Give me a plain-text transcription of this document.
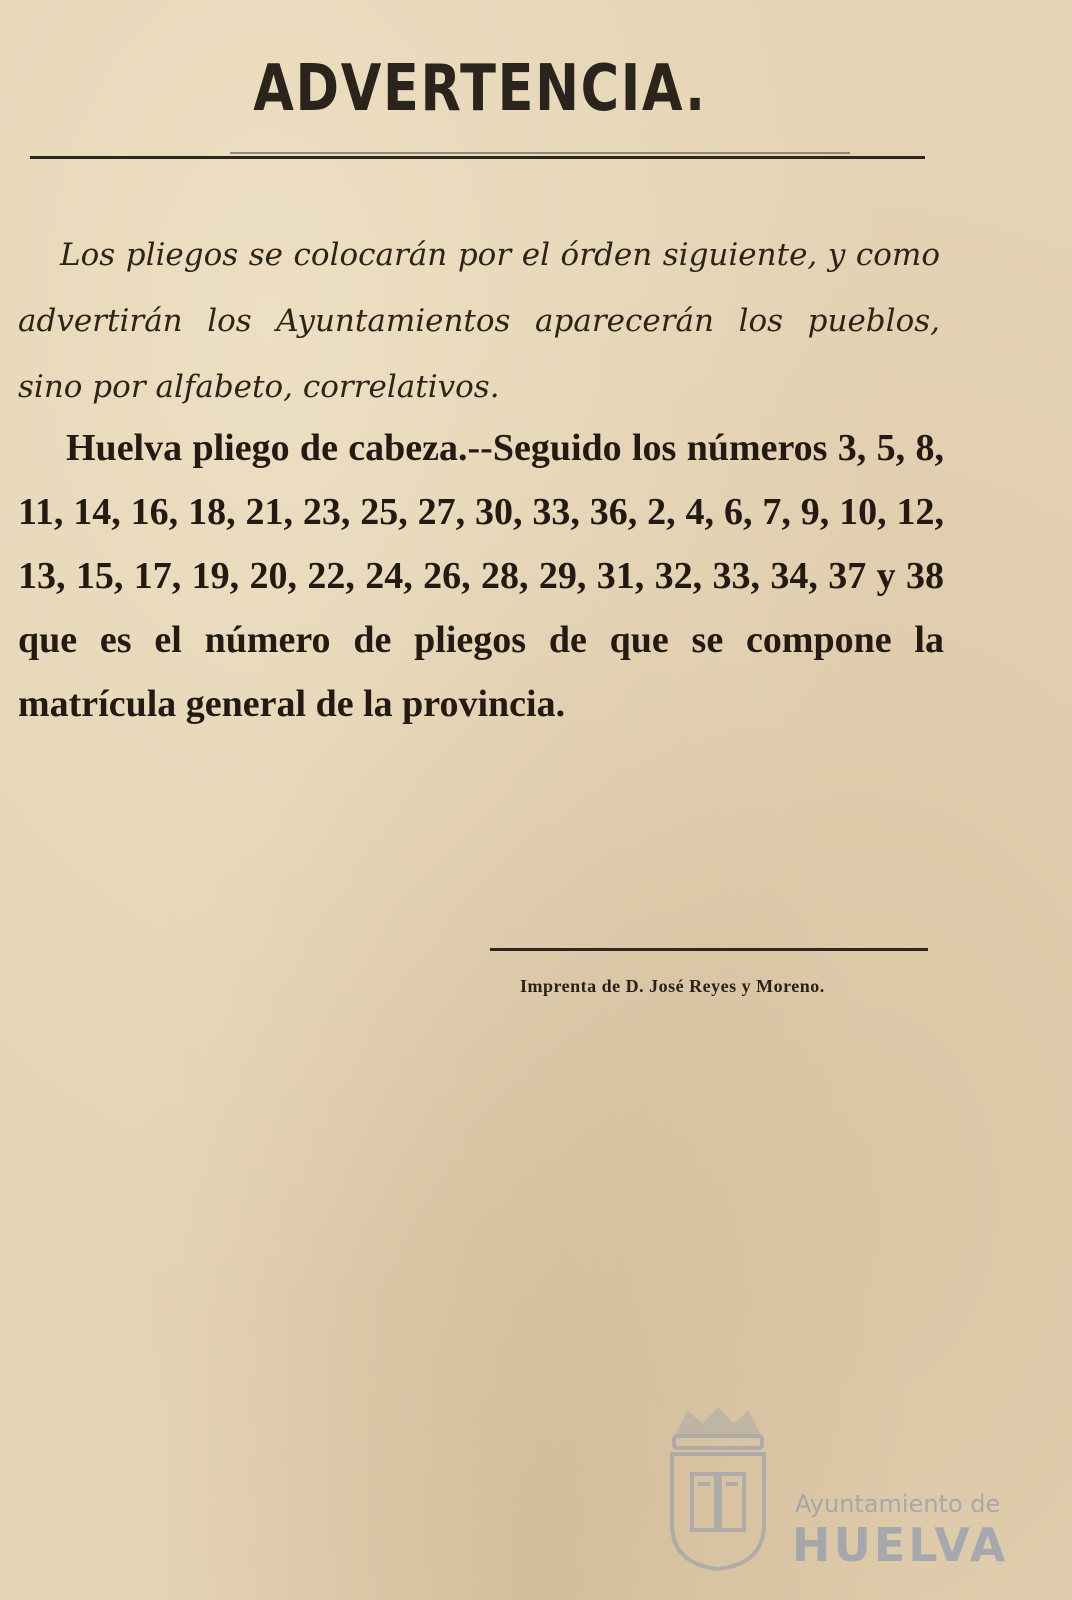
ADVERTENCIA.

Los pliegos se colocarán por el órden siguiente, y como advertirán los Ayuntamientos aparecerán los pueblos, sino por alfabeto, correlativos.

Huelva pliego de cabeza.--Seguido los números 3, 5, 8, 11, 14, 16, 18, 21, 23, 25, 27, 30, 33, 36, 2, 4, 6, 7, 9, 10, 12, 13, 15, 17, 19, 20, 22, 24, 26, 28, 29, 31, 32, 33, 34, 37 y 38 que es el número de pliegos de que se compone la matrícula general de la provincia.

Imprenta de D. José Reyes y Moreno.

Ayuntamiento de

HUELVA
